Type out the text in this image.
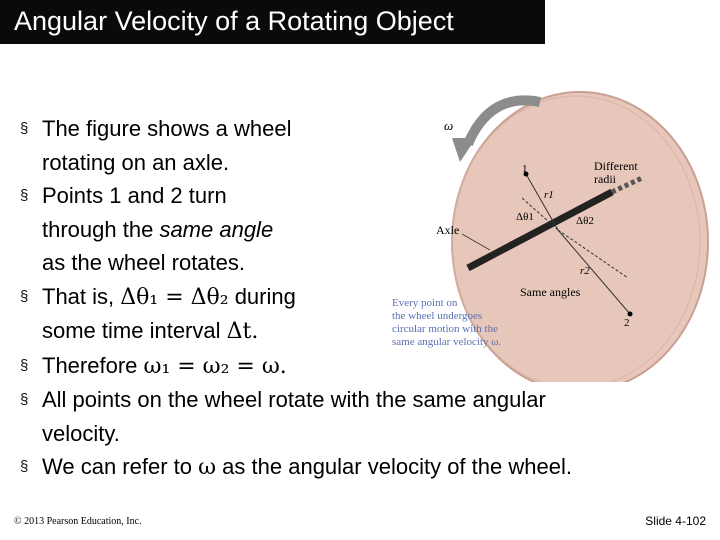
Angular Velocity of a Rotating Object
§ The figure shows a wheel
rotating on an axle.
§ Points 1 and 2 turn
through the same angle
as the wheel rotates.
§ That is, Δθ₁ = Δθ₂ during
some time interval Δt.
§ Therefore ω₁ = ω₂ = ω.
§ All points on the wheel rotate with the same angular
velocity.
§ We can refer to ω as the angular velocity of the wheel.
ω
Axle
1
2
r1
r2
Δθ1	Δθ2
Different radii
Same angles
Every point on the wheel undergoes circular motion with the same angular velocity ω.
© 2013 Pearson Education, Inc.	Slide 4-102
